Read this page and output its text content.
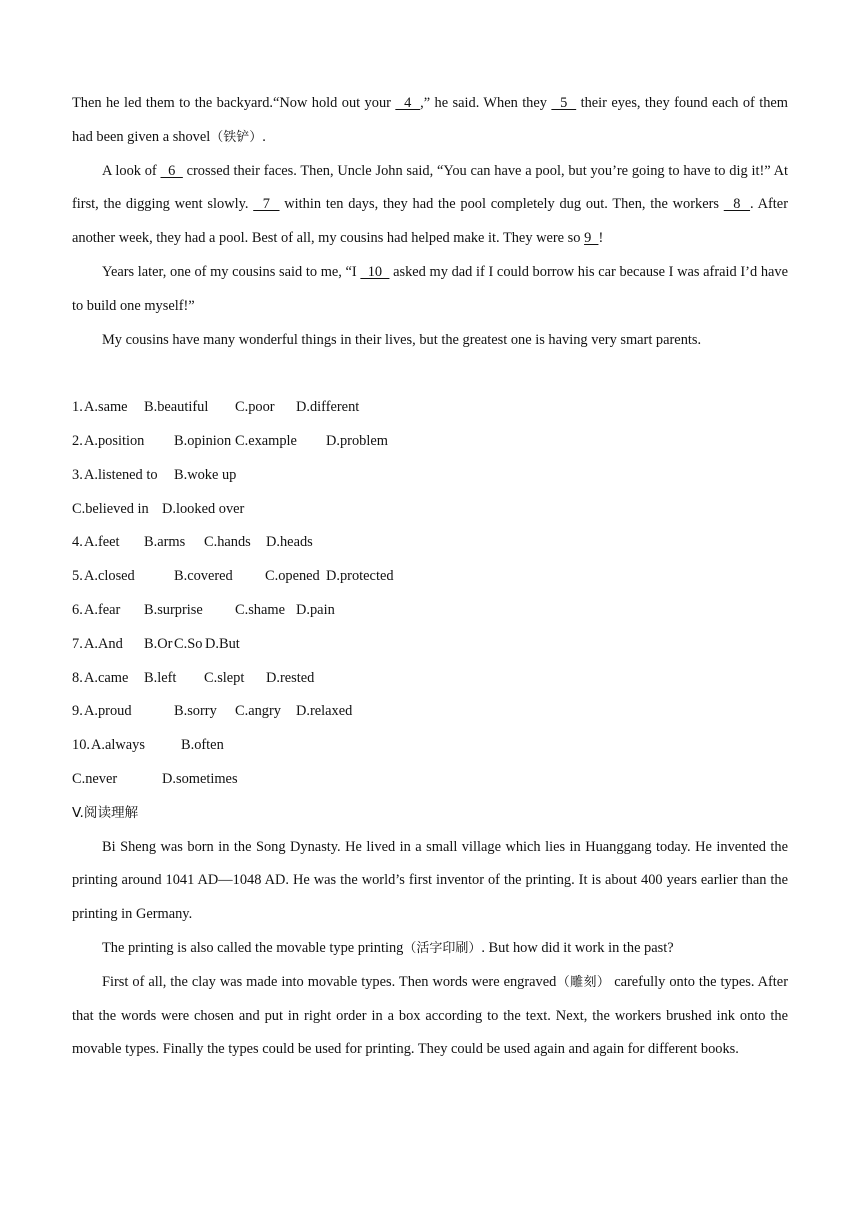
Then he led them to the backyard.“Now hold out your   4  ,” he said. When they   5   their eyes, they found each of them had been given a shovel（铁铲）.

A look of   6   crossed their faces. Then, Uncle John said, “You can have a pool, but you’re going to have to dig it!” At first, the digging went slowly.   7   within ten days, they had the pool completely dug out. Then, the workers   8  . After another week, they had a pool. Best of all, my cousins had helped make it. They were so 9  !

Years later, one of my cousins said to me, “I   10   asked my dad if I could borrow his car because I was afraid I’d have to build one myself!”

My cousins have many wonderful things in their lives, but the greatest one is having very smart parents.

1. A.same B.beautiful C.poor D.different

2. A.position B.opinion C.example D.problem

3. A.listened to B.woke up

C.believed in D.looked over

4. A.feet B.arms C.hands D.heads

5. A.closed	B.covered C.opened D.protected

6. A.fear B.surprise C.shame D.pain

7. A.And B.Or C.So D.But

8. A.came B.left C.slept D.rested

9. A.proud	B.sorry C.angry D.relaxed

10. A.always	B.often

C.never	D.sometimes

V.阅读理解

Bi Sheng was born in the Song Dynasty. He lived in a small village which lies in Huanggang today. He invented the printing around 1041 AD—1048 AD. He was the world’s first inventor of the printing. It is about 400 years earlier than the printing in Germany.

The printing is also called the movable type printing（活字印刷）. But how did it work in the past?

First of all, the clay was made into movable types. Then words were engraved（雕刻） carefully onto the types. After that the words were chosen and put in right order in a box according to the text. Next, the workers brushed ink onto the movable types. Finally the types could be used for printing. They could be used again and again for different books.
